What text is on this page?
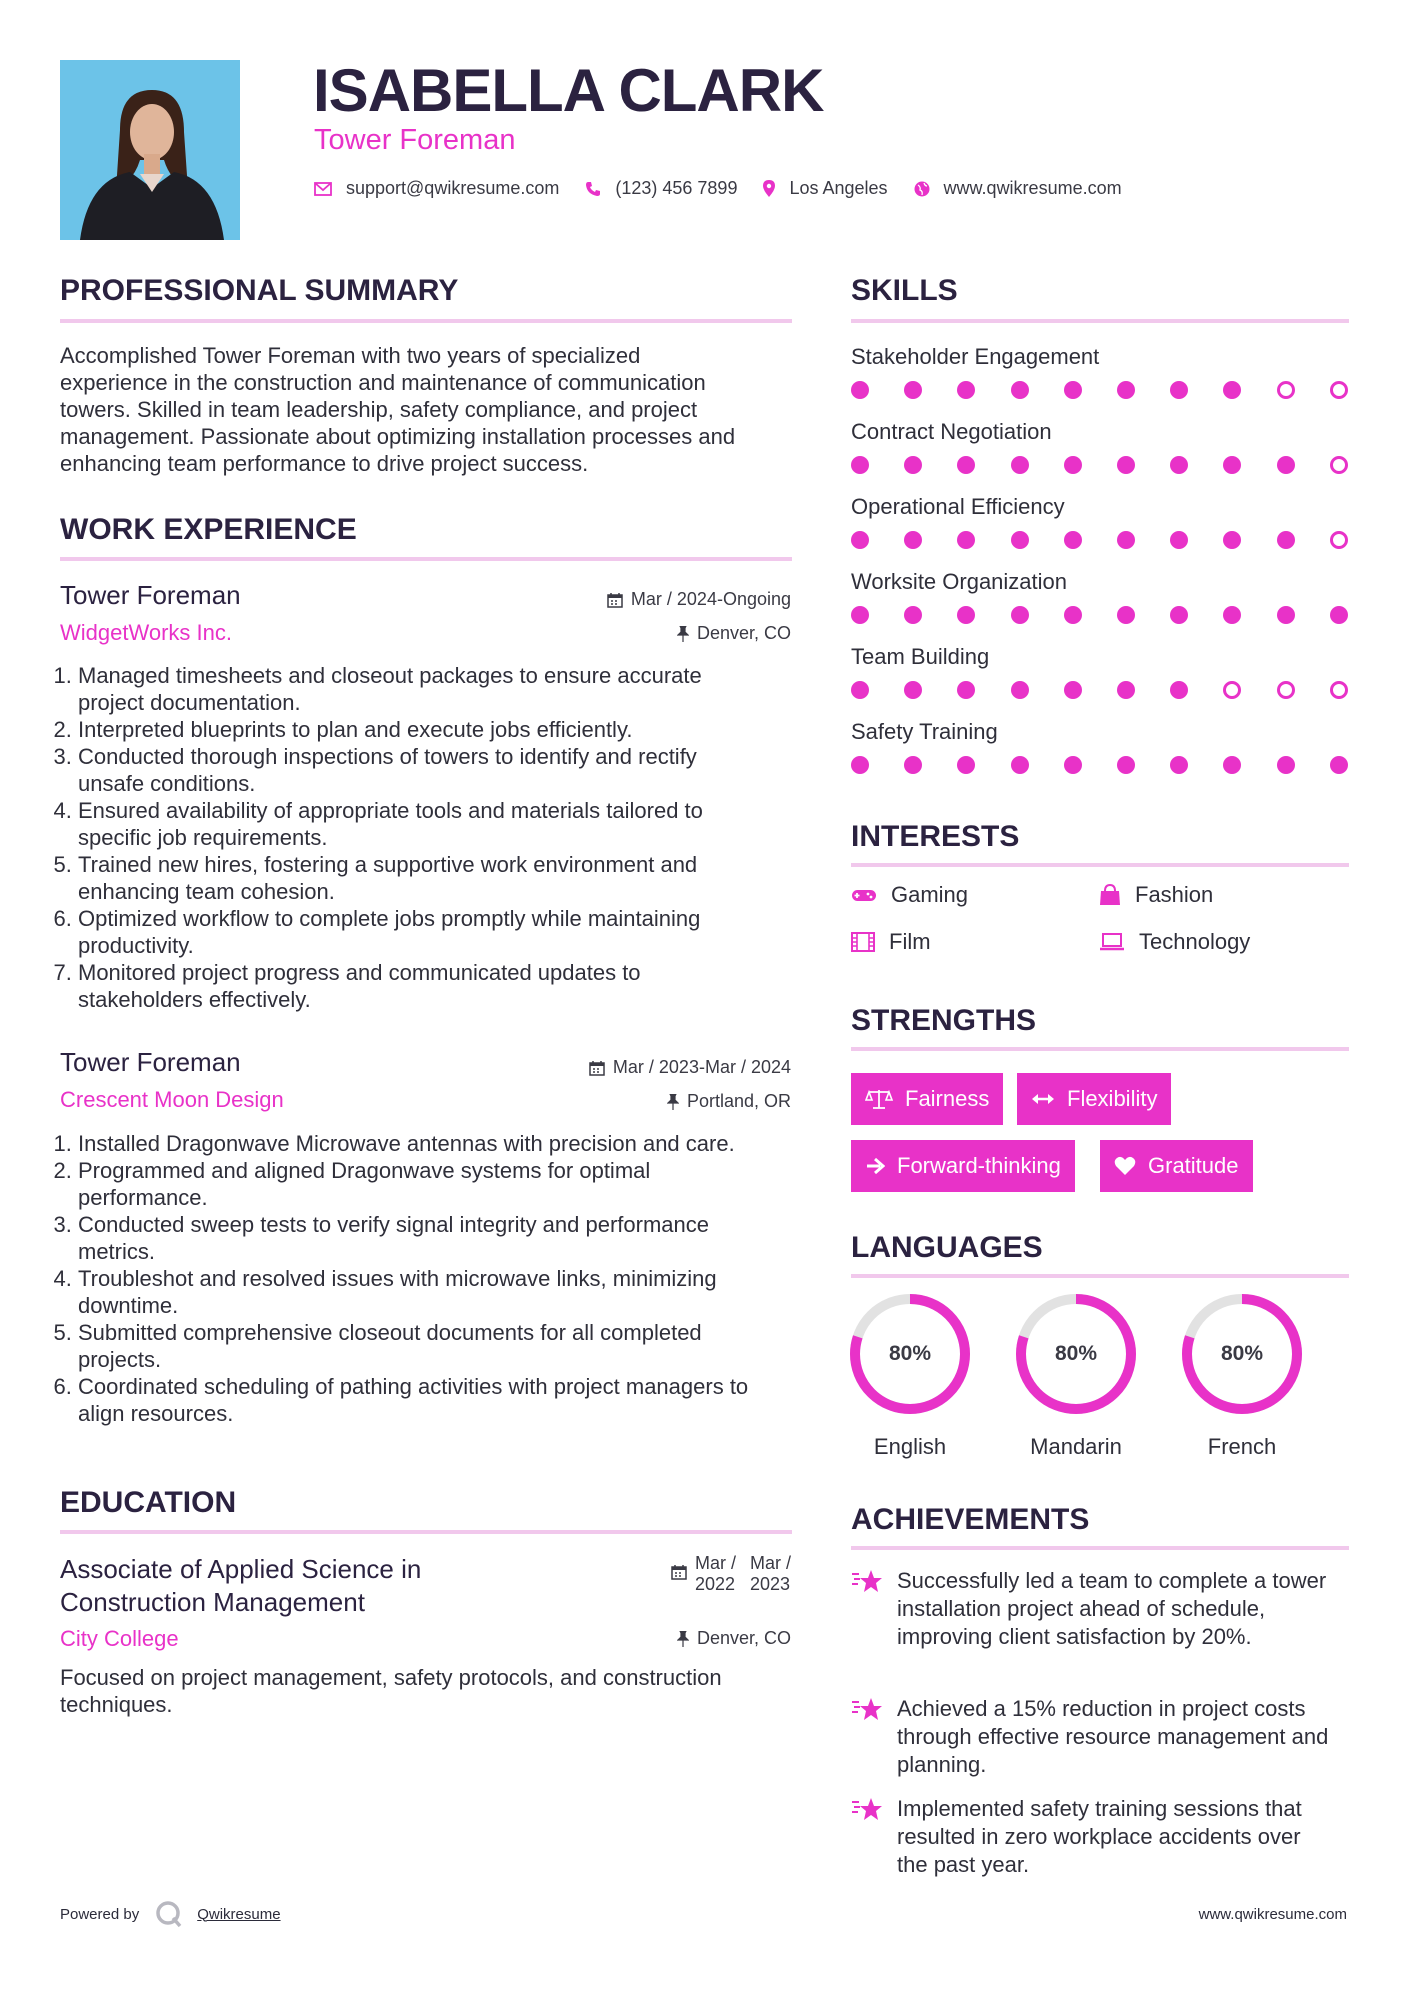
ISABELLA CLARK
Tower Foreman
support@qwikresume.com	(123) 456 7899	Los Angeles	www.qwikresume.com
PROFESSIONAL SUMMARY
Accomplished Tower Foreman with two years of specialized
experience in the construction and maintenance of communication
towers. Skilled in team leadership, safety compliance, and project
management. Passionate about optimizing installation processes and
enhancing team performance to drive project success.
WORK EXPERIENCE
Tower Foreman
WidgetWorks Inc.
Mar / 2024-Ongoing
Denver, CO
1. Managed timesheets and closeout packages to ensure accurate project documentation.
2. Interpreted blueprints to plan and execute jobs efficiently.
3. Conducted thorough inspections of towers to identify and rectify unsafe conditions.
4. Ensured availability of appropriate tools and materials tailored to specific job requirements.
5. Trained new hires, fostering a supportive work environment and enhancing team cohesion.
6. Optimized workflow to complete jobs promptly while maintaining productivity.
7. Monitored project progress and communicated updates to stakeholders effectively.
Tower Foreman
Crescent Moon Design
Mar / 2023-Mar / 2024
Portland, OR
1. Installed Dragonwave Microwave antennas with precision and care.
2. Programmed and aligned Dragonwave systems for optimal performance.
3. Conducted sweep tests to verify signal integrity and performance metrics.
4. Troubleshot and resolved issues with microwave links, minimizing downtime.
5. Submitted comprehensive closeout documents for all completed projects.
6. Coordinated scheduling of pathing activities with project managers to align resources.
EDUCATION
Associate of Applied Science in
Construction Management
Mar /
2022
Mar /
2023
City College	Denver, CO
Focused on project management, safety protocols, and construction
techniques.
SKILLS
Stakeholder Engagement
Contract Negotiation
Operational Efficiency
Worksite Organization
Team Building
Safety Training
INTERESTS
Gaming	Fashion
Film	Technology
STRENGTHS
Fairness	Flexibility
Forward-thinking	Gratitude
LANGUAGES
80%
English
80%
Mandarin
80%
French
ACHIEVEMENTS
Successfully led a team to complete a tower installation project ahead of schedule, improving client satisfaction by 20%.
Achieved a 15% reduction in project costs through effective resource management and planning.
Implemented safety training sessions that resulted in zero workplace accidents over the past year.
Powered by	Qwikresume	www.qwikresume.com
